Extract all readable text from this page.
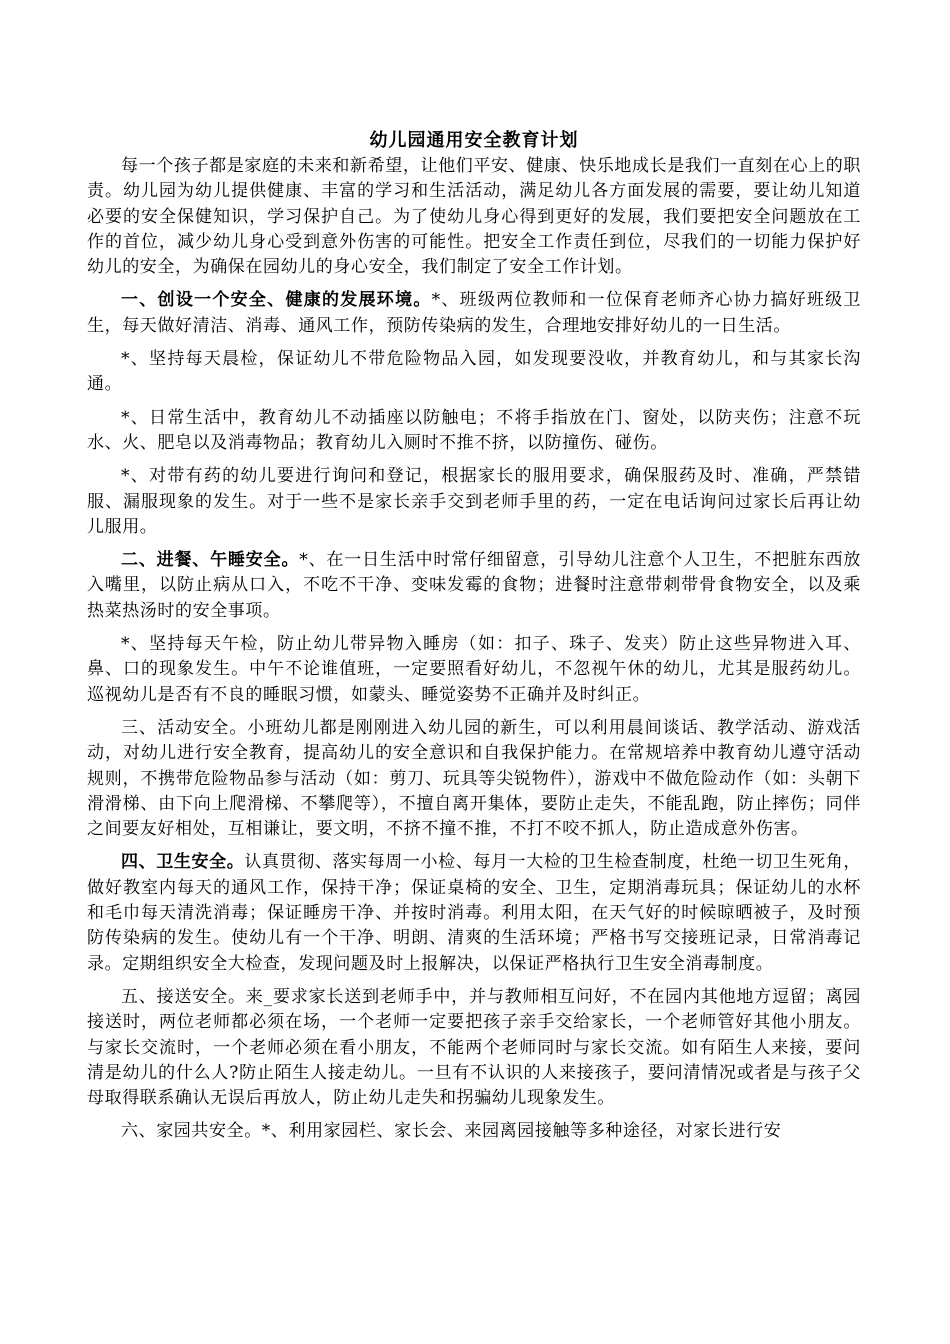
幼儿园通用安全教育计划

每一个孩子都是家庭的未来和新希望，让他们平安、健康、快乐地成长是我们一直刻在心上的职责。幼儿园为幼儿提供健康、丰富的学习和生活活动，满足幼儿各方面发展的需要，要让幼儿知道必要的安全保健知识，学习保护自己。为了使幼儿身心得到更好的发展，我们要把安全问题放在工作的首位，减少幼儿身心受到意外伤害的可能性。把安全工作责任到位，尽我们的一切能力保护好幼儿的安全，为确保在园幼儿的身心安全，我们制定了安全工作计划。

一、创设一个安全、健康的发展环境。*、班级两位教师和一位保育老师齐心协力搞好班级卫生，每天做好清洁、消毒、通风工作，预防传染病的发生，合理地安排好幼儿的一日生活。

*、坚持每天晨检，保证幼儿不带危险物品入园，如发现要没收，并教育幼儿，和与其家长沟通。

*、日常生活中，教育幼儿不动插座以防触电；不将手指放在门、窗处，以防夹伤；注意不玩水、火、肥皂以及消毒物品；教育幼儿入厕时不推不挤，以防撞伤、碰伤。

*、对带有药的幼儿要进行询问和登记，根据家长的服用要求，确保服药及时、准确，严禁错服、漏服现象的发生。对于一些不是家长亲手交到老师手里的药，一定在电话询问过家长后再让幼儿服用。

二、进餐、午睡安全。*、在一日生活中时常仔细留意，引导幼儿注意个人卫生，不把脏东西放入嘴里，以防止病从口入，不吃不干净、变味发霉的食物；进餐时注意带刺带骨食物安全，以及乘热菜热汤时的安全事项。

*、坚持每天午检，防止幼儿带异物入睡房（如：扣子、珠子、发夹）防止这些异物进入耳、鼻、口的现象发生。中午不论谁值班，一定要照看好幼儿，不忽视午休的幼儿，尤其是服药幼儿。巡视幼儿是否有不良的睡眠习惯，如蒙头、睡觉姿势不正确并及时纠正。

三、活动安全。小班幼儿都是刚刚进入幼儿园的新生，可以利用晨间谈话、教学活动、游戏活动，对幼儿进行安全教育，提高幼儿的安全意识和自我保护能力。在常规培养中教育幼儿遵守活动规则，不携带危险物品参与活动（如：剪刀、玩具等尖锐物件），游戏中不做危险动作（如：头朝下滑滑梯、由下向上爬滑梯、不攀爬等），不擅自离开集体，要防止走失，不能乱跑，防止摔伤；同伴之间要友好相处，互相谦让，要文明，不挤不撞不推，不打不咬不抓人，防止造成意外伤害。

四、卫生安全。认真贯彻、落实每周一小检、每月一大检的卫生检查制度，杜绝一切卫生死角，做好教室内每天的通风工作，保持干净；保证桌椅的安全、卫生，定期消毒玩具；保证幼儿的水杯和毛巾每天清洗消毒；保证睡房干净、并按时消毒。利用太阳，在天气好的时候晾晒被子，及时预防传染病的发生。使幼儿有一个干净、明朗、清爽的生活环境；严格书写交接班记录，日常消毒记录。定期组织安全大检查，发现问题及时上报解决，以保证严格执行卫生安全消毒制度。

五、接送安全。来_要求家长送到老师手中，并与教师相互问好，不在园内其他地方逗留；离园接送时，两位老师都必须在场，一个老师一定要把孩子亲手交给家长，一个老师管好其他小朋友。与家长交流时，一个老师必须在看小朋友，不能两个老师同时与家长交流。如有陌生人来接，要问清是幼儿的什么人?防止陌生人接走幼儿。一旦有不认识的人来接孩子，要问清情况或者是与孩子父母取得联系确认无误后再放人，防止幼儿走失和拐骗幼儿现象发生。

六、家园共安全。*、利用家园栏、家长会、来园离园接触等多种途径，对家长进行安
